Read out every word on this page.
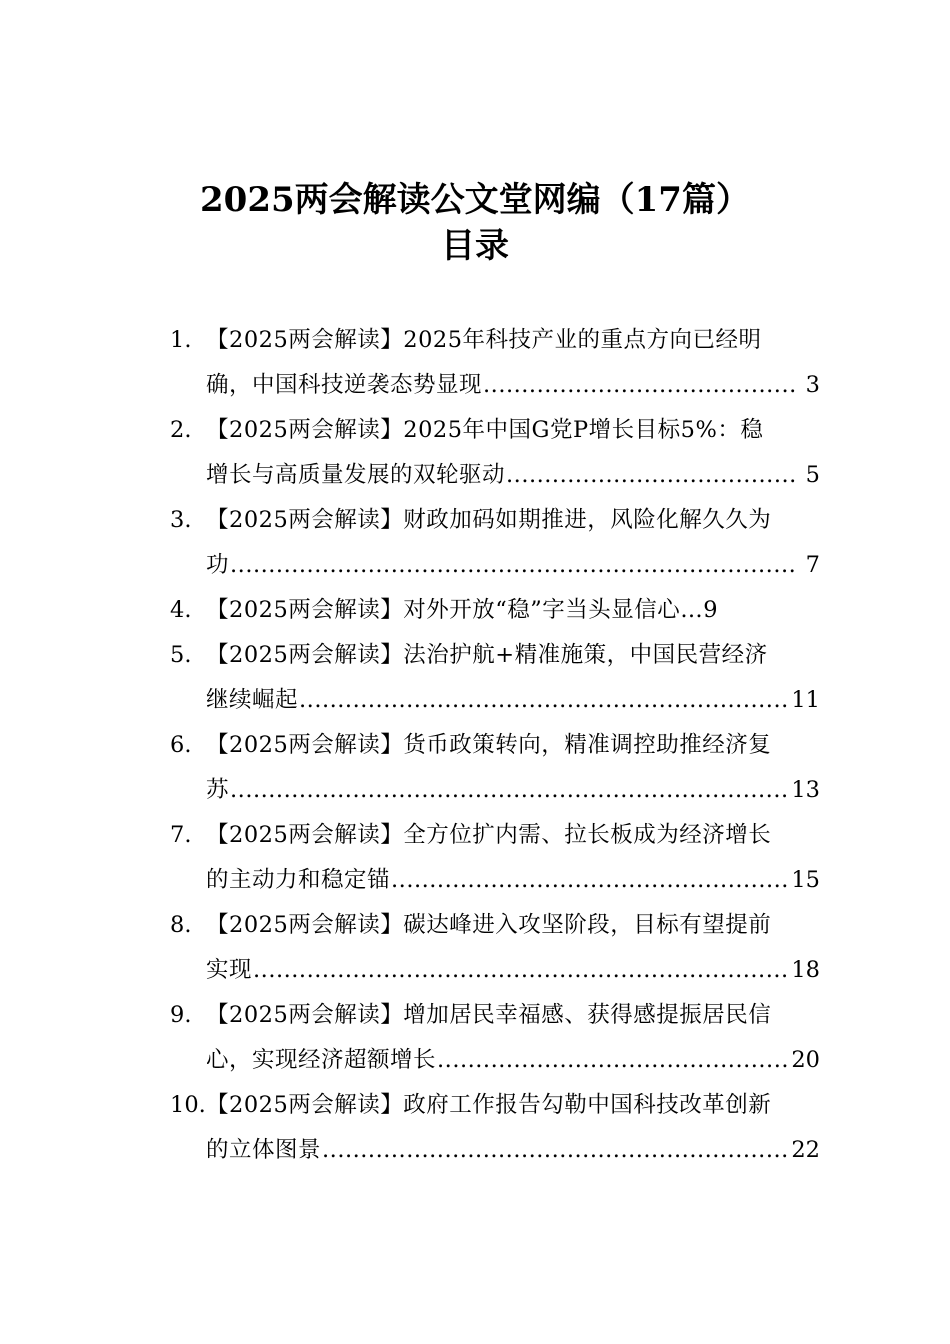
2025两会解读公文堂网编（17篇）
目录
1. 【2025两会解读】2025年科技产业的重点方向已经明
确，中国科技逆袭态势显现 .....	3
2. 【2025两会解读】2025年中国G党P增长目标5%：稳
增长与高质量发展的双轮驱动 .....	5
3. 【2025两会解读】财政加码如期推进，风险化解久久为
功 .....	7
4. 【2025两会解读】对外开放“稳”字当头显信心…9
5. 【2025两会解读】法治护航+精准施策，中国民营经济
继续崛起 .....	11
6. 【2025两会解读】货币政策转向，精准调控助推经济复
苏 .....	13
7. 【2025两会解读】全方位扩内需、拉长板成为经济增长
的主动力和稳定锚 .....	15
8. 【2025两会解读】碳达峰进入攻坚阶段，目标有望提前
实现 .....	18
9. 【2025两会解读】增加居民幸福感、获得感提振居民信
心，实现经济超额增长 .....	20
10. 【2025两会解读】政府工作报告勾勒中国科技改革创新
的立体图景 .....	22
